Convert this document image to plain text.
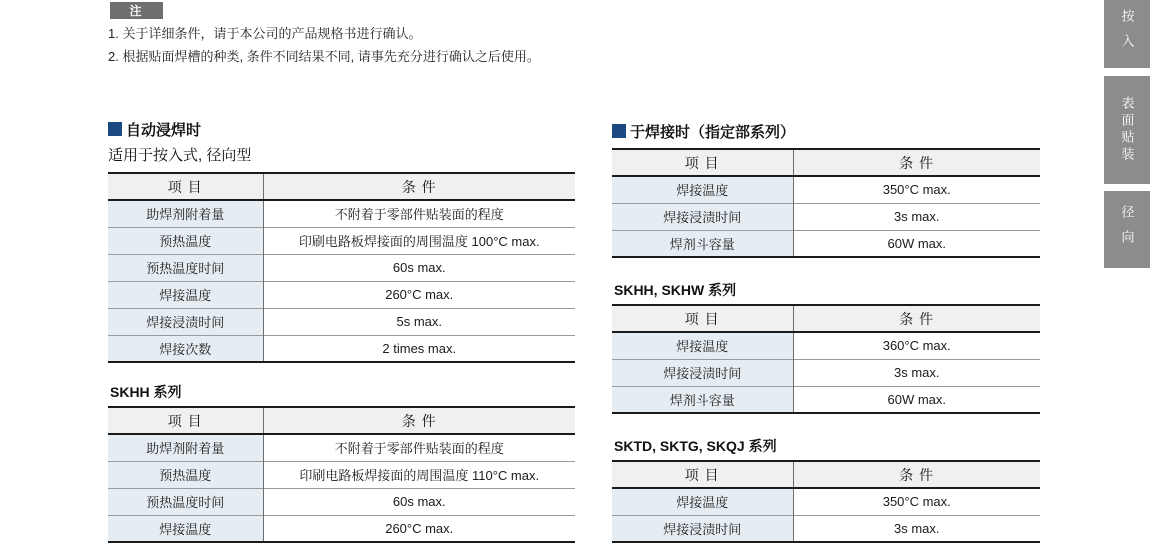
注
1. 关于详细条件，请于本公司的产品规格书进行确认。
2. 根据贴面焊槽的种类, 条件不同结果不同, 请事先充分进行确认之后使用。
自动浸焊时
适用于按入式, 径向型
项 目	条 件
助焊剂附着量	不附着于零部件贴装面的程度
预热温度	印刷电路板焊接面的周围温度 100°C max.
预热温度时间	60s max.
焊接温度	260°C max.
焊接浸渍时间	5s max.
焊接次数	2 times max.
SKHH 系列
项 目	条 件
助焊剂附着量	不附着于零部件贴装面的程度
预热温度	印刷电路板焊接面的周围温度 110°C max.
预热温度时间	60s max.
焊接温度	260°C max.
于焊接时（指定部系列）
项 目	条 件
焊接温度	350°C max.
焊接浸渍时间	3s max.
焊剂斗容量	60W max.
SKHH, SKHW 系列
项 目	条 件
焊接温度	360°C max.
焊接浸渍时间	3s max.
焊剂斗容量	60W max.
SKTD, SKTG, SKQJ 系列
项 目	条 件
焊接温度	350°C max.
焊接浸渍时间	3s max.
按入
表面贴装
径向
